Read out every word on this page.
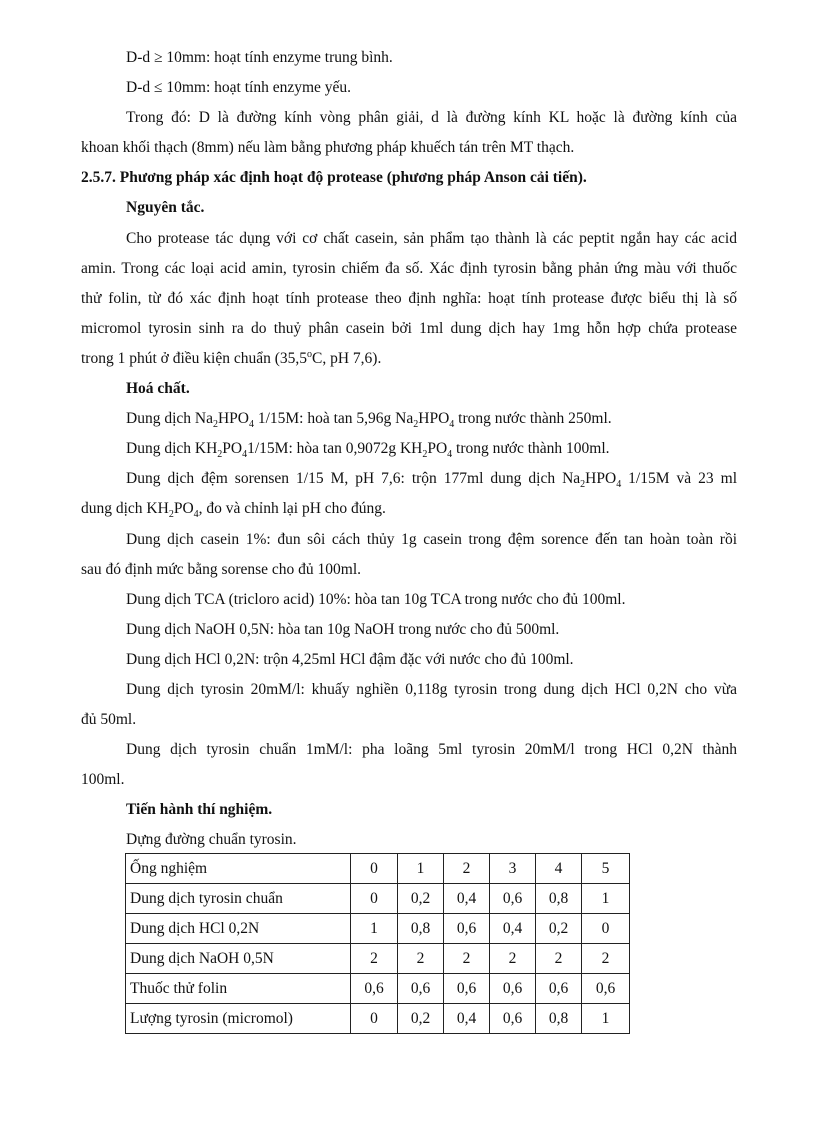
D-d ≥ 10mm: hoạt tính enzyme trung bình.
D-d ≤ 10mm: hoạt tính enzyme yếu.
Trong đó: D là đường kính vòng phân giải, d là đường kính KL hoặc là đường kính của
khoan khối thạch (8mm) nếu làm bằng phương pháp khuếch tán trên MT thạch.
2.5.7. Phương pháp xác định hoạt độ protease (phương pháp Anson cải tiến).
Nguyên tắc.
Cho protease tác dụng với cơ chất casein, sản phẩm tạo thành là các peptit ngắn hay các acid
amin. Trong các loại acid amin, tyrosin chiếm đa số. Xác định tyrosin bằng phản ứng màu với thuốc
thử folin, từ đó xác định hoạt tính protease theo định nghĩa: hoạt tính protease được biểu thị là số
micromol tyrosin sinh ra do thuỷ phân casein bởi 1ml dung dịch hay 1mg hỗn hợp chứa protease
trong 1 phút ở điều kiện chuẩn (35,5$^o$C, pH 7,6).
Hoá chất.
Dung dịch $Na_2HPO_4$ 1/15M: hoà tan 5,96g $Na_2HPO_4$ trong nước thành 250ml.
Dung dịch $KH_2PO_41/15M$: hòa tan 0,9072g $KH_2PO_4$ trong nước thành 100ml.
Dung dịch đệm sorensen 1/15 M, pH 7,6: trộn 177ml dung dịch $Na_2HPO_4$ 1/15M và 23 ml
dung dịch $KH_2PO_4$, đo và chỉnh lại pH cho đúng.
Dung dịch casein 1%: đun sôi cách thủy 1g casein trong đệm sorence đến tan hoàn toàn rồi
sau đó định mức bằng sorense cho đủ 100ml.
Dung dịch TCA (tricloro acid) 10%: hòa tan 10g TCA trong nước cho đủ 100ml.
Dung dịch NaOH 0,5N: hòa tan 10g NaOH trong nước cho đủ 500ml.
Dung dịch HCl 0,2N: trộn 4,25ml HCl đậm đặc với nước cho đủ 100ml.
Dung dịch tyrosin 20mM/l: khuấy nghiền 0,118g tyrosin trong dung dịch HCl 0,2N cho vừa
đủ 50ml.
Dung dịch tyrosin chuẩn 1mM/l: pha loãng 5ml tyrosin 20mM/l trong HCl 0,2N thành
100ml.
Tiến hành thí nghiệm.
Dựng đường chuẩn tyrosin.
Ống nghiệm	0	1	2	3	4	5
Dung dịch tyrosin chuẩn	0	0,2	0,4	0,6	0,8	1
Dung dịch HCl 0,2N	1	0,8	0,6	0,4	0,2	0
Dung dịch NaOH 0,5N	2	2	2	2	2	2
Thuốc thử folin	0,6	0,6	0,6	0,6	0,6	0,6
Lượng tyrosin (micromol)	0	0,2	0,4	0,6	0,8	1
